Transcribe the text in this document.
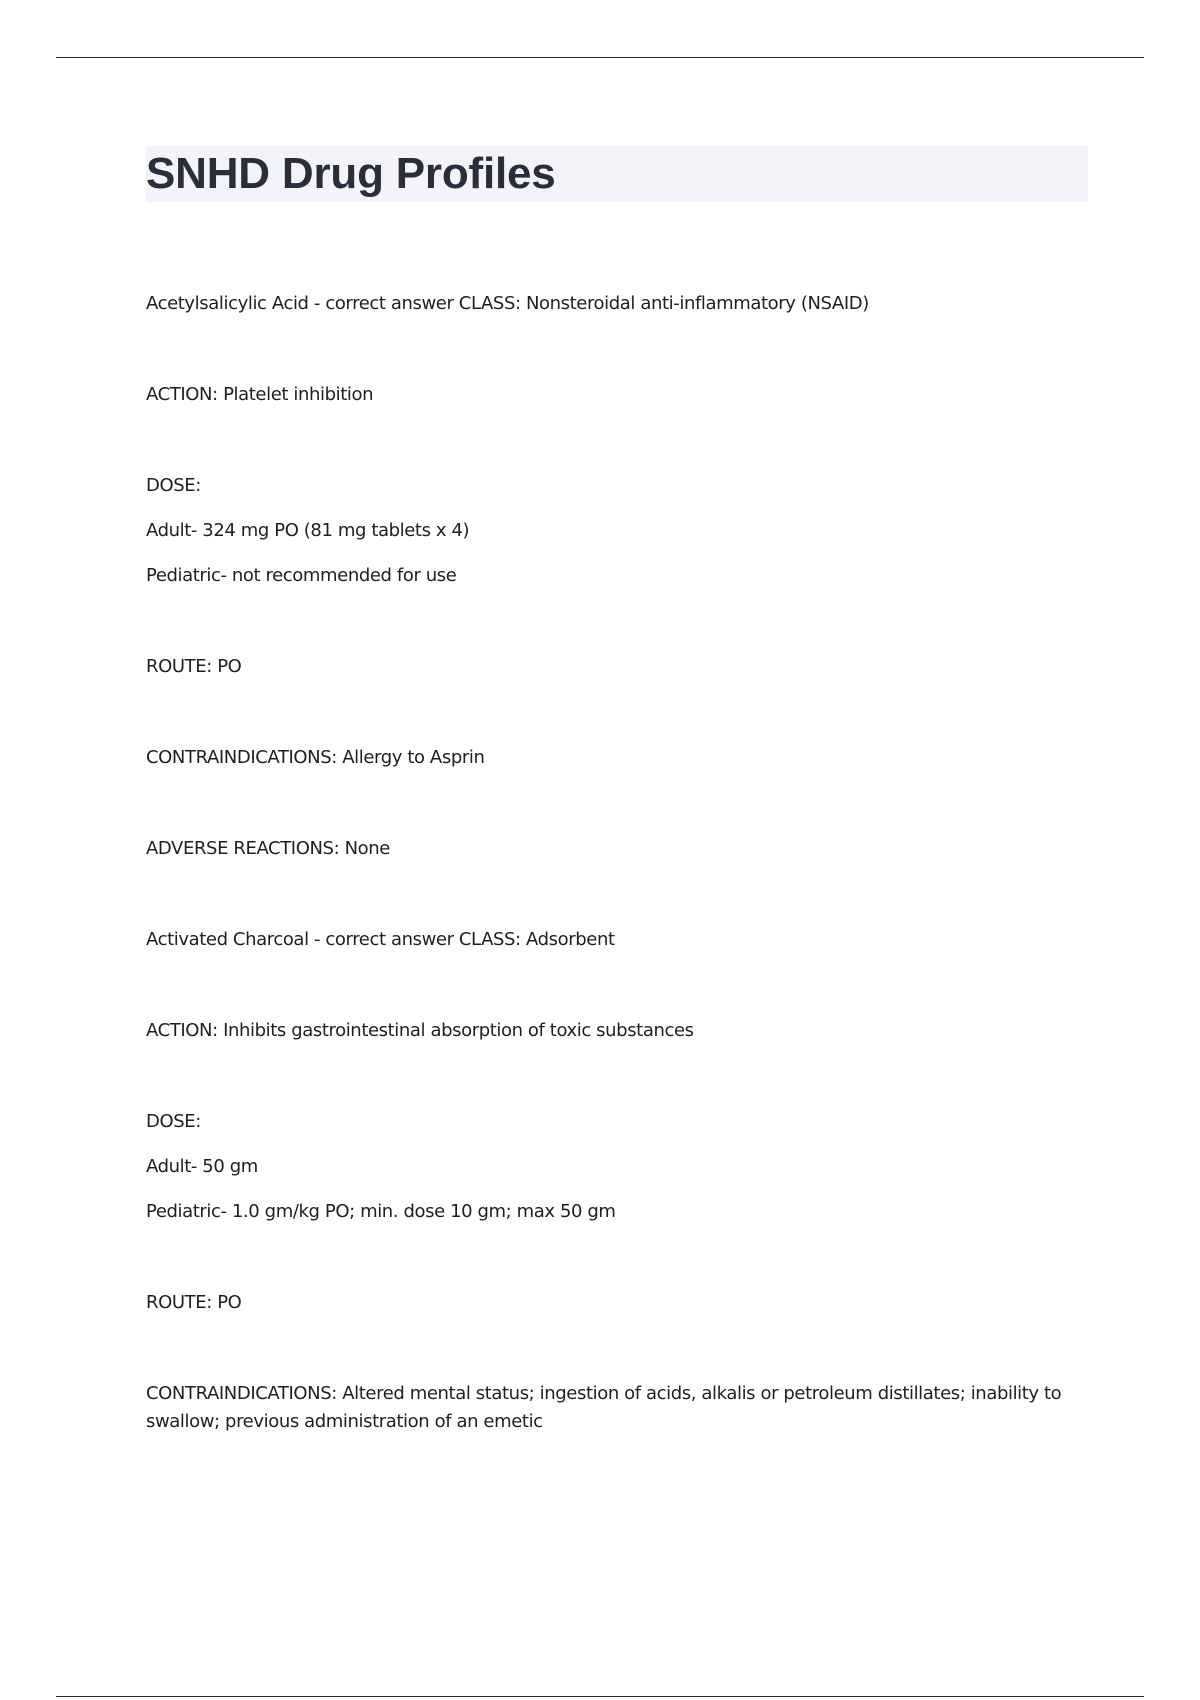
SNHD Drug Profiles

Acetylsalicylic Acid - correct answer CLASS: Nonsteroidal anti-inflammatory (NSAID)

ACTION: Platelet inhibition

DOSE:

Adult- 324 mg PO (81 mg tablets x 4)

Pediatric- not recommended for use

ROUTE: PO

CONTRAINDICATIONS: Allergy to Asprin

ADVERSE REACTIONS: None

Activated Charcoal - correct answer CLASS: Adsorbent

ACTION: Inhibits gastrointestinal absorption of toxic substances

DOSE:

Adult- 50 gm

Pediatric- 1.0 gm/kg PO; min. dose 10 gm; max 50 gm

ROUTE: PO

CONTRAINDICATIONS: Altered mental status; ingestion of acids, alkalis or petroleum distillates; inability to swallow; previous administration of an emetic
